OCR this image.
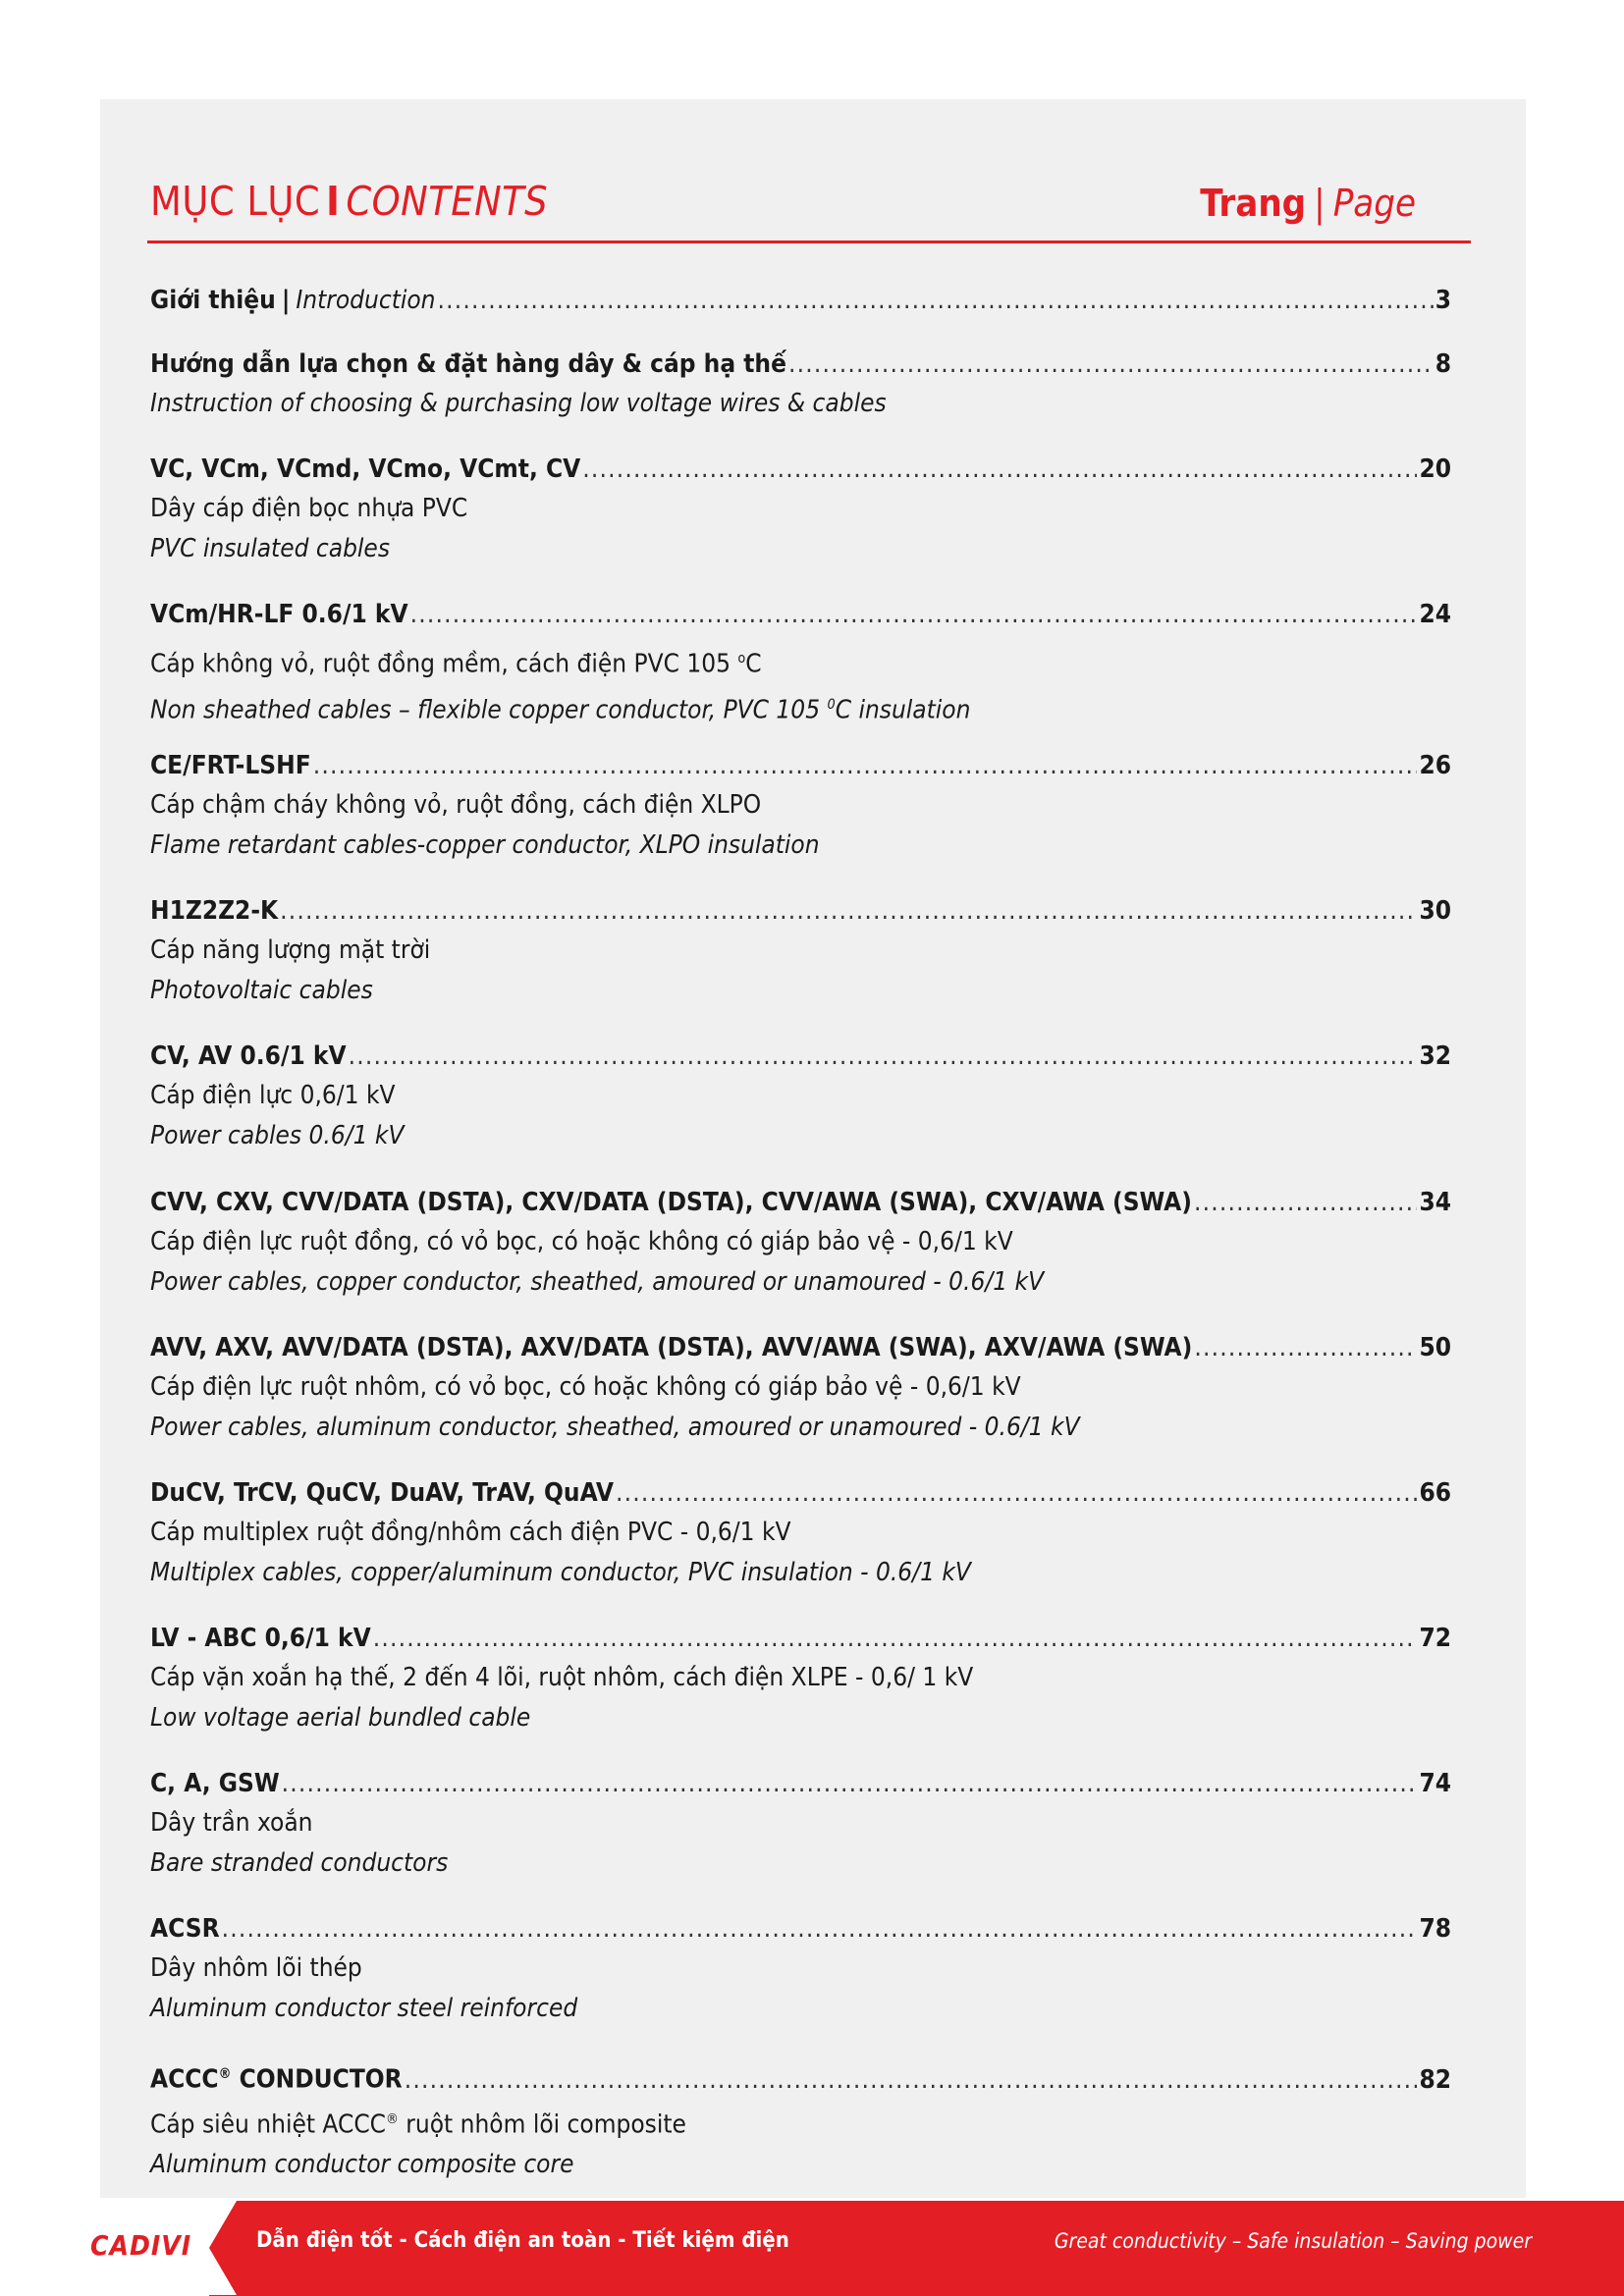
MỤC LỤC I CONTENTS	Trang | Page
Giới thiệu | Introduction .....	3
Hướng dẫn lựa chọn & đặt hàng dây & cáp hạ thế .....	8
Instruction of choosing & purchasing low voltage wires & cables
VC, VCm, VCmd, VCmo, VCmt, CV .....	20
Dây cáp điện bọc nhựa PVC
PVC insulated cables
VCm/HR-LF 0.6/1 kV .....	24
Cáp không vỏ, ruột đồng mềm, cách điện PVC 105 $^o$C
Non sheathed cables – flexible copper conductor, PVC 105 $^0$C insulation
CE/FRT-LSHF .....	26
Cáp chậm cháy không vỏ, ruột đồng, cách điện XLPO
Flame retardant cables-copper conductor, XLPO insulation
H1Z2Z2-K .....	30
Cáp năng lượng mặt trời
Photovoltaic cables
CV, AV 0.6/1 kV .....	32
Cáp điện lực 0,6/1 kV
Power cables 0.6/1 kV
CVV, CXV, CVV/DATA (DSTA), CXV/DATA (DSTA), CVV/AWA (SWA), CXV/AWA (SWA) .....	34
Cáp điện lực ruột đồng, có vỏ bọc, có hoặc không có giáp bảo vệ - 0,6/1 kV
Power cables, copper conductor, sheathed, amoured or unamoured - 0.6/1 kV
AVV, AXV, AVV/DATA (DSTA), AXV/DATA (DSTA), AVV/AWA (SWA), AXV/AWA (SWA) .....	50
Cáp điện lực ruột nhôm, có vỏ bọc, có hoặc không có giáp bảo vệ - 0,6/1 kV
Power cables, aluminum conductor, sheathed, amoured or unamoured - 0.6/1 kV
DuCV, TrCV, QuCV, DuAV, TrAV, QuAV .....	66
Cáp multiplex ruột đồng/nhôm cách điện PVC - 0,6/1 kV
Multiplex cables, copper/aluminum conductor, PVC insulation - 0.6/1 kV
LV - ABC 0,6/1 kV .....	72
Cáp vặn xoắn hạ thế, 2 đến 4 lõi, ruột nhôm, cách điện XLPE - 0,6/ 1 kV
Low voltage aerial bundled cable
C, A, GSW .....	74
Dây trần xoắn
Bare stranded conductors
ACSR .....	78
Dây nhôm lõi thép
Aluminum conductor steel reinforced
ACCC® CONDUCTOR .....	82
Cáp siêu nhiệt ACCC® ruột nhôm lõi composite
Aluminum conductor composite core
CADIVI	Dẫn điện tốt - Cách điện an toàn - Tiết kiệm điện	Great conductivity – Safe insulation – Saving power
